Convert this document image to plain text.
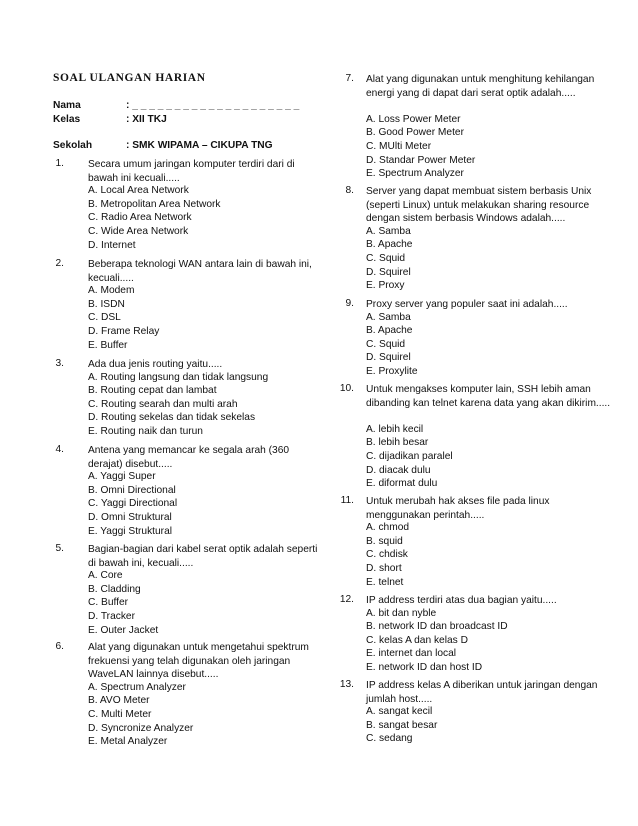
SOAL ULANGAN HARIAN
Nama	: _ _ _ _ _ _ _ _ _ _ _ _ _ _ _ _ _ _ _ _
Kelas	: XII TKJ
Sekolah	: SMK WIPAMA – CIKUPA TNG
1. Secara umum jaringan komputer terdiri dari di bawah ini kecuali.....
A. Local Area Network
B. Metropolitan Area Network
C. Radio Area Network
C. Wide Area Network
D. Internet
2. Beberapa teknologi WAN antara lain di bawah ini, kecuali.....
A. Modem
B. ISDN
C. DSL
D. Frame Relay
E. Buffer
3. Ada dua jenis routing yaitu.....
A. Routing langsung dan tidak langsung
B. Routing cepat dan lambat
C. Routing searah dan multi arah
D. Routing sekelas dan tidak sekelas
E. Routing naik dan turun
4. Antena yang memancar ke segala arah (360 derajat) disebut.....
A. Yaggi Super
B. Omni Directional
C. Yaggi Directional
D. Omni Struktural
E. Yaggi Struktural
5. Bagian-bagian dari kabel serat optik adalah seperti di bawah ini, kecuali.....
A. Core
B. Cladding
C. Buffer
D. Tracker
E. Outer Jacket
6. Alat yang digunakan untuk mengetahui spektrum frekuensi yang telah digunakan oleh jaringan WaveLAN lainnya disebut.....
A. Spectrum Analyzer
B. AVO Meter
C. Multi Meter
D. Syncronize Analyzer
E. Metal Analyzer
7. Alat yang digunakan untuk menghitung kehilangan energi yang di dapat dari serat optik adalah.....
A. Loss Power Meter
B. Good Power Meter
C. MUlti Meter
D. Standar Power Meter
E. Spectrum Analyzer
8. Server yang dapat membuat sistem berbasis Unix (seperti Linux) untuk melakukan sharing resource dengan sistem berbasis Windows adalah.....
A. Samba
B. Apache
C. Squid
D. Squirel
E. Proxy
9. Proxy server yang populer saat ini adalah.....
A. Samba
B. Apache
C. Squid
D. Squirel
E. Proxylite
10. Untuk mengakses komputer lain, SSH lebih aman dibanding kan telnet karena data yang akan dikirim.....
A. lebih kecil
B. lebih besar
C. dijadikan paralel
D. diacak dulu
E. diformat dulu
11. Untuk merubah hak akses file pada linux menggunakan perintah.....
A. chmod
B. squid
C. chdisk
D. short
E. telnet
12. IP address terdiri atas dua bagian yaitu.....
A. bit dan nyble
B. network ID dan broadcast ID
C. kelas A dan kelas D
E. internet dan local
E. network ID dan host ID
13. IP address kelas A diberikan untuk jaringan dengan jumlah host.....
A. sangat kecil
B. sangat besar
C. sedang
